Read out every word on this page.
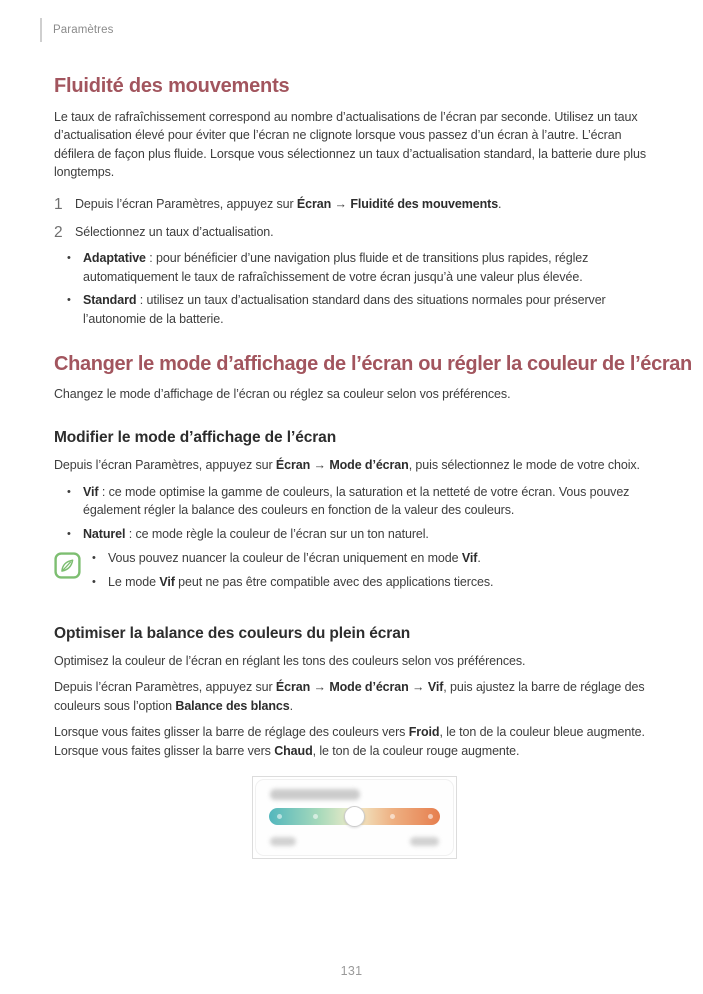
Paramètres
Fluidité des mouvements

Le taux de rafraîchissement correspond au nombre d’actualisations de l’écran par seconde. Utilisez un taux d’actualisation élevé pour éviter que l’écran ne clignote lorsque vous passez d’un écran à l’autre. L’écran défilera de façon plus fluide. Lorsque vous sélectionnez un taux d’actualisation standard, la batterie dure plus longtemps.

1 Depuis l’écran Paramètres, appuyez sur Écran → Fluidité des mouvements.
2 Sélectionnez un taux d’actualisation.
• Adaptative : pour bénéficier d’une navigation plus fluide et de transitions plus rapides, réglez automatiquement le taux de rafraîchissement de votre écran jusqu’à une valeur plus élevée.
• Standard : utilisez un taux d’actualisation standard dans des situations normales pour préserver l’autonomie de la batterie.
Changer le mode d’affichage de l’écran ou régler la couleur de l’écran

Changez le mode d’affichage de l’écran ou réglez sa couleur selon vos préférences.

Modifier le mode d’affichage de l’écran

Depuis l’écran Paramètres, appuyez sur Écran → Mode d’écran, puis sélectionnez le mode de votre choix.

• Vif : ce mode optimise la gamme de couleurs, la saturation et la netteté de votre écran. Vous pouvez également régler la balance des couleurs en fonction de la valeur des couleurs.
• Naturel : ce mode règle la couleur de l’écran sur un ton naturel.
• Vous pouvez nuancer la couleur de l’écran uniquement en mode Vif.
• Le mode Vif peut ne pas être compatible avec des applications tierces.
Optimiser la balance des couleurs du plein écran

Optimisez la couleur de l’écran en réglant les tons des couleurs selon vos préférences.

Depuis l’écran Paramètres, appuyez sur Écran → Mode d’écran → Vif, puis ajustez la barre de réglage des couleurs sous l’option Balance des blancs.

Lorsque vous faites glisser la barre de réglage des couleurs vers Froid, le ton de la couleur bleue augmente. Lorsque vous faites glisser la barre vers Chaud, le ton de la couleur rouge augmente.

131
